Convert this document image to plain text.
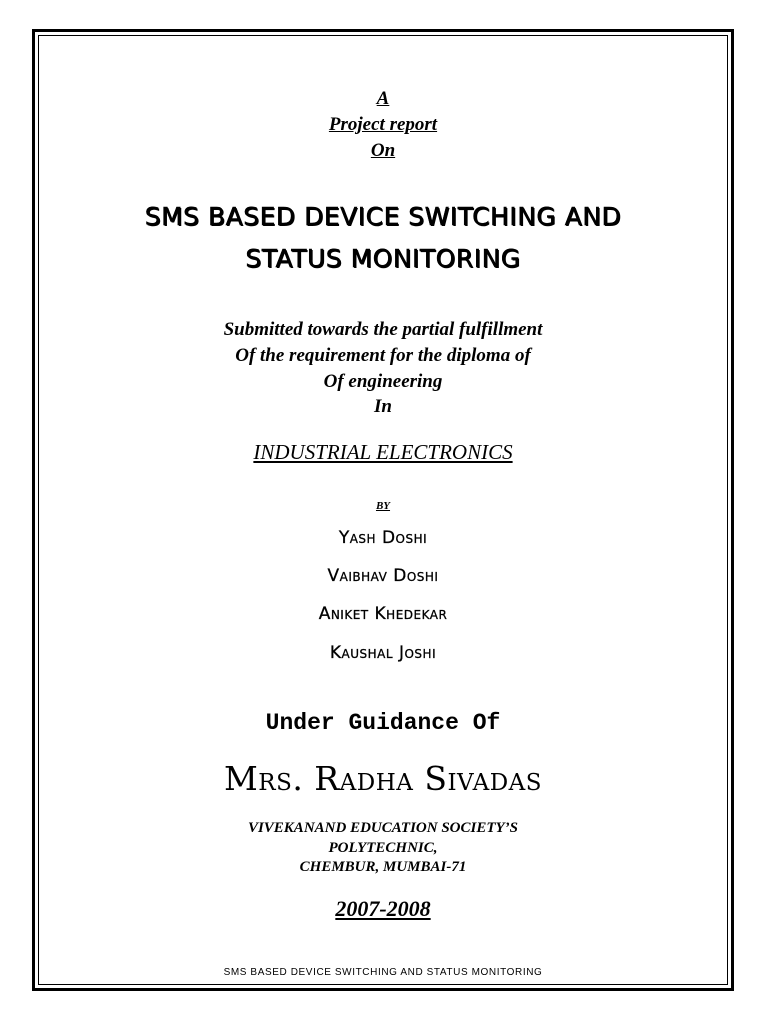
A
Project report
On
SMS BASED DEVICE SWITCHING AND
STATUS MONITORING
Submitted towards the partial fulfillment
Of the requirement for the diploma of
Of engineering
In
INDUSTRIAL ELECTRONICS
BY
Yash Doshi
Vaibhav Doshi
Aniket Khedekar
Kaushal Joshi
Under Guidance Of
Mrs. Radha Sivadas
VIVEKANAND EDUCATION SOCIETY’S
POLYTECHNIC,
CHEMBUR, MUMBAI-71
2007-2008
SMS BASED DEVICE SWITCHING AND STATUS MONITORING
